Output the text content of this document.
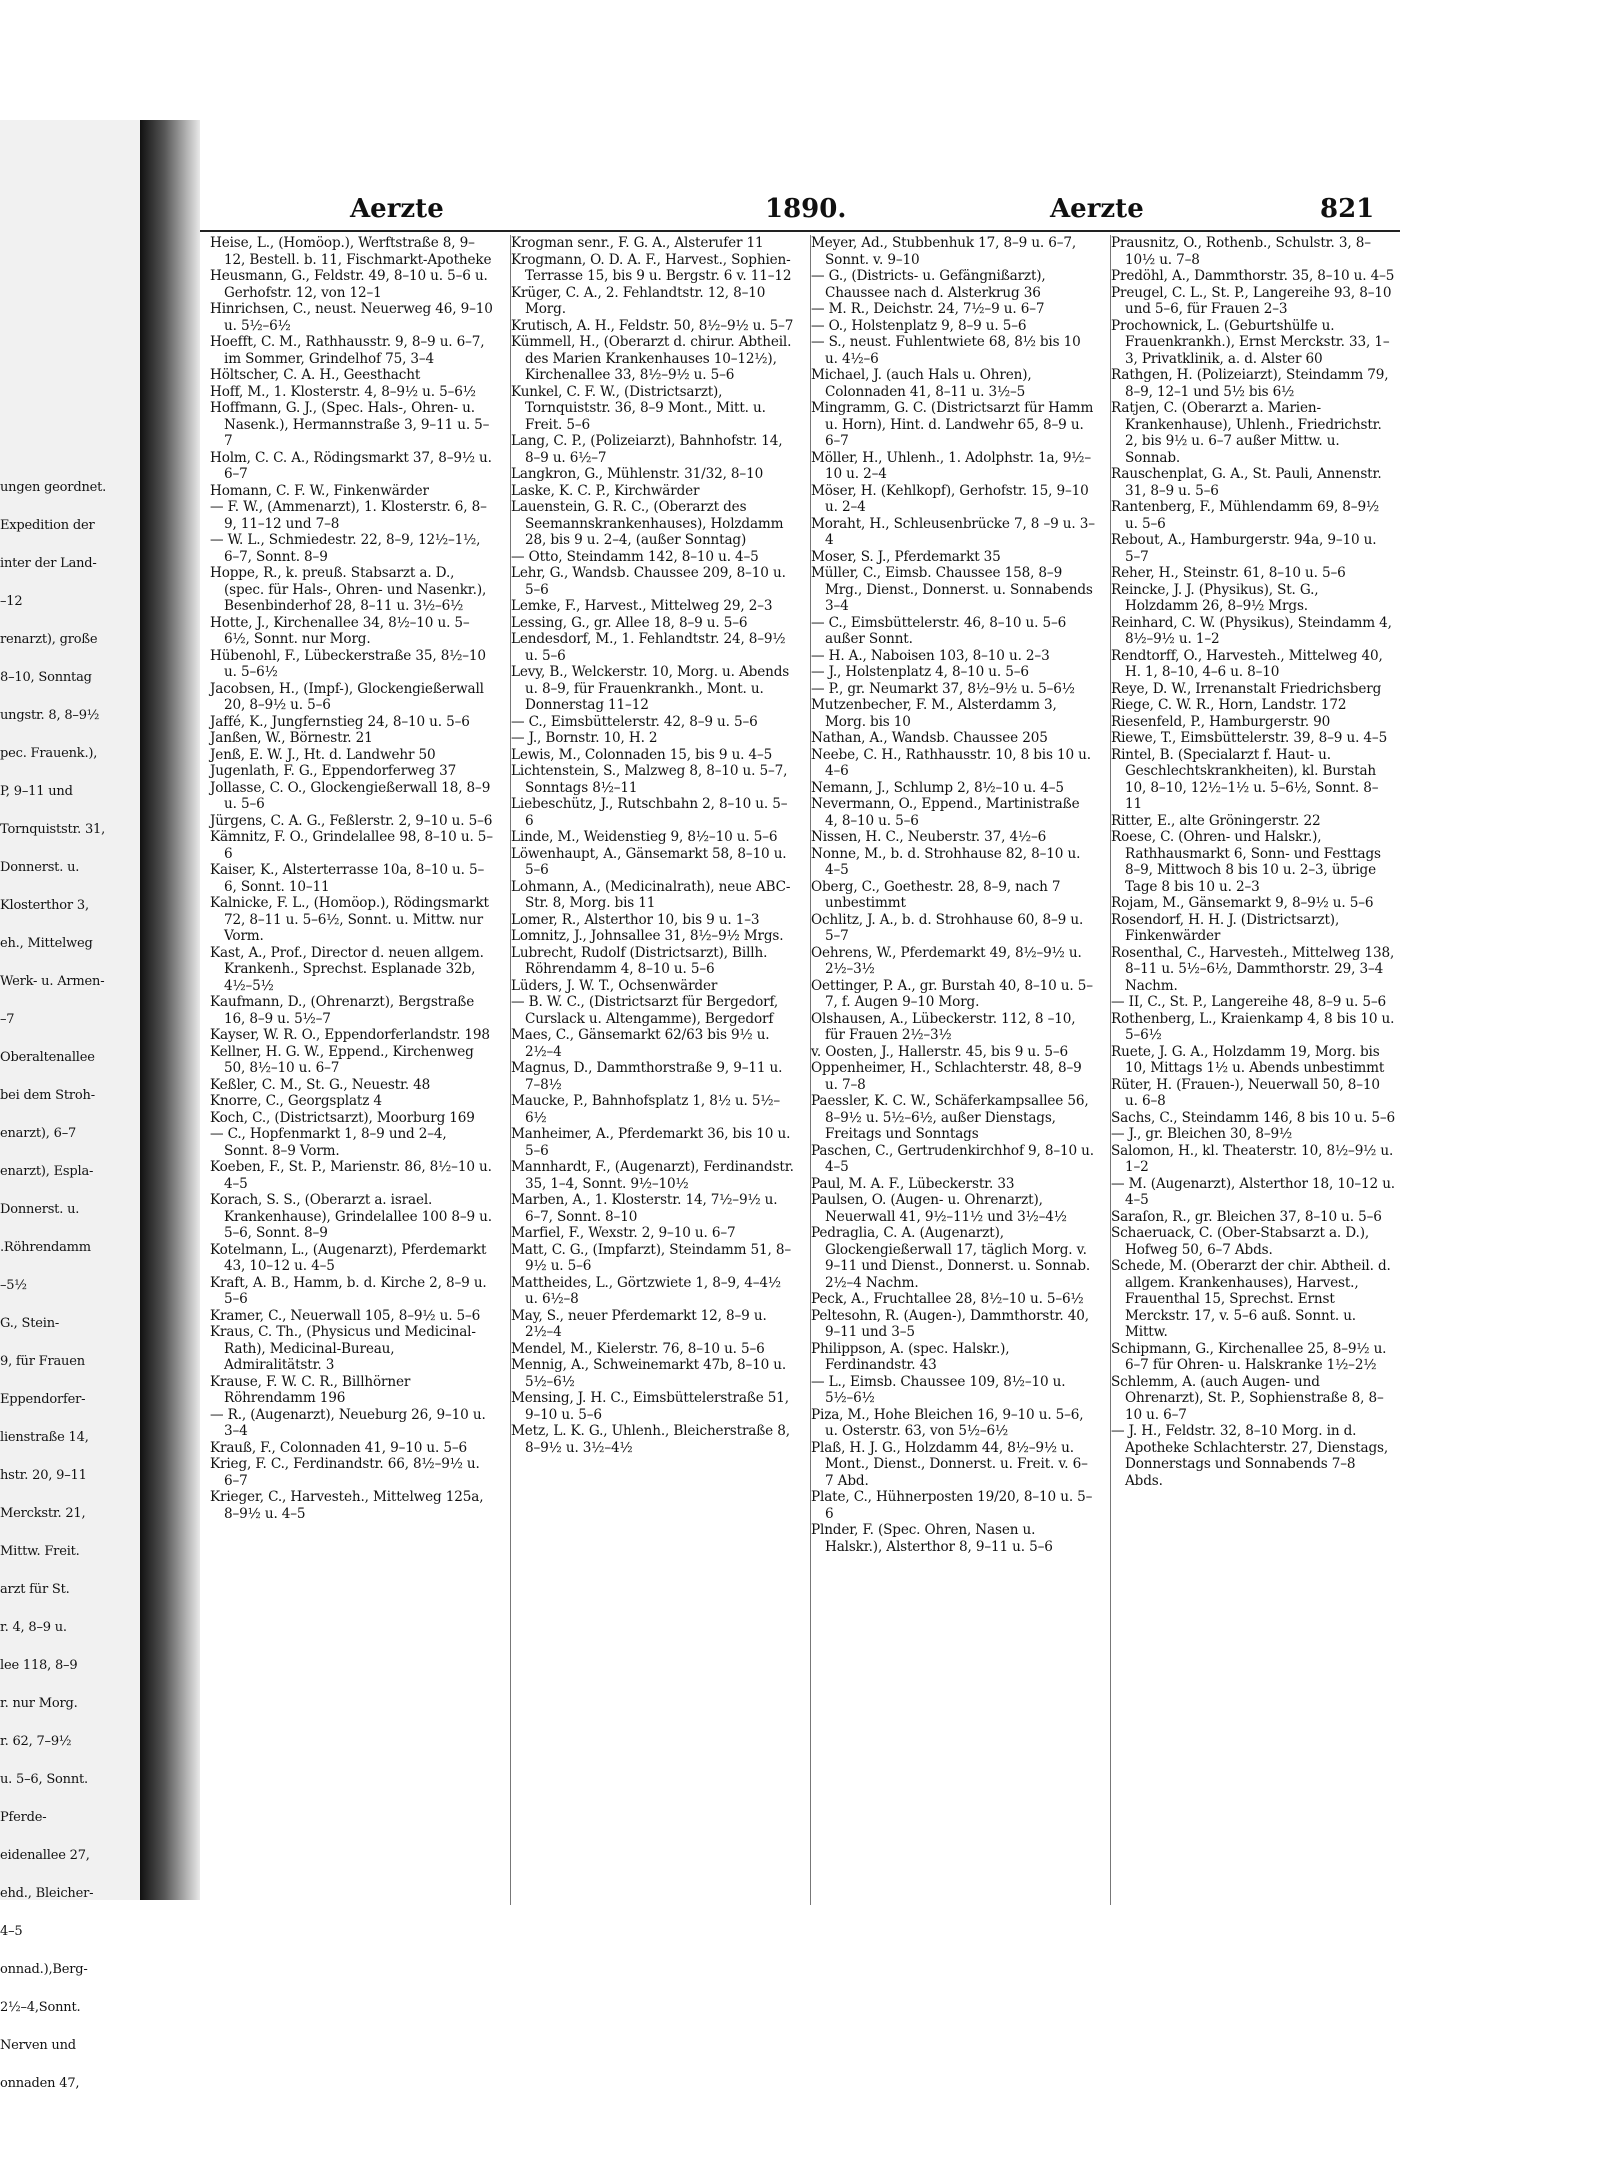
ungen geordnet.
Expedition der
inter der Land-
–12
renarzt), große
8–10, Sonntag
ungstr. 8, 8–9½
pec. Frauenk.),
P, 9–11 und
Tornquiststr. 31,
Donnerst. u.
Klosterthor 3,
eh., Mittelweg
Werk- u. Armen-
–7
Oberaltenallee
bei dem Stroh-
enarzt), 6–7
enarzt), Espla-
Donnerst. u.
.Röhrendamm
–5½
G., Stein-
9, für Frauen
Eppendorfer-
lienstraße 14,
hstr. 20, 9–11
Merckstr. 21,
Mittw. Freit.
arzt für St.
r. 4, 8–9 u.
lee 118, 8–9
r. nur Morg.
r. 62, 7–9½
u. 5–6, Sonnt.
Pferde-
eidenallee 27,
ehd., Bleicher-
4–5
onnad.),Berg-
2½–4,Sonnt.
Nerven und
onnaden 47,
Aerzte	1890.	Aerzte	821

Heise, L., (Homöop.), Werftstraße 8, 9–12, Bestell. b. 11, Fischmarkt-Apotheke

Heusmann, G., Feldstr. 49, 8–10 u. 5–6 u. Gerhofstr. 12, von 12–1

Hinrichsen, C., neust. Neuerweg 46, 9–10 u. 5½–6½

Hoefft, C. M., Rathhausstr. 9, 8–9 u. 6–7, im Sommer, Grindelhof 75, 3–4

Höltscher, C. A. H., Geesthacht

Hoff, M., 1. Klosterstr. 4, 8–9½ u. 5–6½

Hoffmann, G. J., (Spec. Hals-, Ohren- u. Nasenk.), Hermannstraße 3, 9–11 u. 5–7

Holm, C. C. A., Rödingsmarkt 37, 8–9½ u. 6–7

Homann, C. F. W., Finkenwärder

— F. W., (Ammenarzt), 1. Klosterstr. 6, 8–9, 11–12 und 7–8

— W. L., Schmiedestr. 22, 8–9, 12½–1½, 6–7, Sonnt. 8–9

Hoppe, R., k. preuß. Stabsarzt a. D., (spec. für Hals-, Ohren- und Nasenkr.), Besenbinderhof 28, 8–11 u. 3½–6½

Hotte, J., Kirchenallee 34, 8½–10 u. 5–6½, Sonnt. nur Morg.

Hübenohl, F., Lübeckerstraße 35, 8½–10 u. 5–6½

Jacobsen, H., (Impf-), Glockengießerwall 20, 8–9½ u. 5–6

Jaffé, K., Jungfernstieg 24, 8–10 u. 5–6

Janßen, W., Börnestr. 21

Jenß, E. W. J., Ht. d. Landwehr 50

Jugenlath, F. G., Eppendorferweg 37

Jollasse, C. O., Glockengießerwall 18, 8–9 u. 5–6

Jürgens, C. A. G., Feßlerstr. 2, 9–10 u. 5–6

Kämnitz, F. O., Grindelallee 98, 8–10 u. 5–6

Kaiser, K., Alsterterrasse 10a, 8–10 u. 5–6, Sonnt. 10–11

Kalnicke, F. L., (Homöop.), Rödingsmarkt 72, 8–11 u. 5–6½, Sonnt. u. Mittw. nur Vorm.

Kast, A., Prof., Director d. neuen allgem. Krankenh., Sprechst. Esplanade 32b, 4½–5½

Kaufmann, D., (Ohrenarzt), Bergstraße 16, 8–9 u. 5½–7

Kayser, W. R. O., Eppendorferlandstr. 198

Kellner, H. G. W., Eppend., Kirchenweg 50, 8½–10 u. 6–7

Keßler, C. M., St. G., Neuestr. 48

Knorre, C., Georgsplatz 4

Koch, C., (Districtsarzt), Moorburg 169

— C., Hopfenmarkt 1, 8–9 und 2–4, Sonnt. 8–9 Vorm.

Koeben, F., St. P., Marienstr. 86, 8½–10 u. 4–5

Korach, S. S., (Oberarzt a. israel. Krankenhause), Grindelallee 100 8–9 u. 5–6, Sonnt. 8–9

Kotelmann, L., (Augenarzt), Pferdemarkt 43, 10–12 u. 4–5

Kraft, A. B., Hamm, b. d. Kirche 2, 8–9 u. 5–6

Kramer, C., Neuerwall 105, 8–9½ u. 5–6

Kraus, C. Th., (Physicus und Medicinal-Rath), Medicinal-Bureau, Admiralitätstr. 3

Krause, F. W. C. R., Billhörner Röhrendamm 196

— R., (Augenarzt), Neueburg 26, 9–10 u. 3–4

Krauß, F., Colonnaden 41, 9–10 u. 5–6

Krieg, F. C., Ferdinandstr. 66, 8½–9½ u. 6–7

Krieger, C., Harvestеh., Mittelweg 125a, 8–9½ u. 4–5

Krogman senr., F. G. A., Alsterufer 11

Krogmann, O. D. A. F., Harvest., Sophien-Terrasse 15, bis 9 u. Bergstr. 6 v. 11–12

Krüger, C. A., 2. Fehlandtstr. 12, 8–10 Morg.

Krutisch, A. H., Feldstr. 50, 8½–9½ u. 5–7

Kümmell, H., (Oberarzt d. chirur. Abtheil. des Marien Krankenhauses 10–12½), Kirchenallee 33, 8½–9½ u. 5–6

Kunkel, C. F. W., (Districtsarzt), Tornquiststr. 36, 8–9 Mont., Mitt. u. Freit. 5–6

Lang, C. P., (Polizeiarzt), Bahnhofstr. 14, 8–9 u. 6½–7

Langkron, G., Mühlenstr. 31/32, 8–10

Laske, K. C. P., Kirchwärder

Lauenstein, G. R. C., (Oberarzt des Seemannskrankenhauses), Holzdamm 28, bis 9 u. 2–4, (außer Sonntag)

— Otto, Steindamm 142, 8–10 u. 4–5

Lehr, G., Wandsb. Chaussee 209, 8–10 u. 5–6

Lemke, F., Harvest., Mittelweg 29, 2–3

Lessing, G., gr. Allee 18, 8–9 u. 5–6

Lendesdorf, M., 1. Fehlandtstr. 24, 8–9½ u. 5–6

Levy, B., Welckerstr. 10, Morg. u. Abends u. 8–9, für Frauenkrankh., Mont. u. Donnerstag 11–12

— C., Eimsbüttelerstr. 42, 8–9 u. 5–6

— J., Bornstr. 10, H. 2

Lewis, M., Colonnaden 15, bis 9 u. 4–5

Lichtenstein, S., Malzweg 8, 8–10 u. 5–7, Sonntags 8½–11

Liebeschütz, J., Rutschbahn 2, 8–10 u. 5–6

Linde, M., Weidenstieg 9, 8½–10 u. 5–6

Löwenhaupt, A., Gänsemarkt 58, 8–10 u. 5–6

Lohmann, A., (Medicinalrath), neue ABC-Str. 8, Morg. bis 11

Lomer, R., Alsterthor 10, bis 9 u. 1–3

Lomnitz, J., Johnsallee 31, 8½–9½ Mrgs.

Lubrecht, Rudolf (Districtsarzt), Billh. Röhrendamm 4, 8–10 u. 5–6

Lüders, J. W. T., Ochsenwärder

— B. W. C., (Districtsarzt für Bergedorf, Curslack u. Altengamme), Bergedorf

Maes, C., Gänsemarkt 62/63 bis 9½ u. 2½–4

Magnus, D., Dammthorstraße 9, 9–11 u. 7–8½

Maucke, P., Bahnhofsplatz 1, 8½ u. 5½–6½

Manheimer, A., Pferdemarkt 36, bis 10 u. 5–6

Mannhardt, F., (Augenarzt), Ferdinandstr. 35, 1–4, Sonnt. 9½–10½

Marben, A., 1. Klosterstr. 14, 7½–9½ u. 6–7, Sonnt. 8–10

Marfiel, F., Wexstr. 2, 9–10 u. 6–7

Matt, C. G., (Impfarzt), Steindamm 51, 8–9½ u. 5–6

Mattheides, L., Görtzwiete 1, 8–9, 4–4½ u. 6½–8

May, S., neuer Pferdemarkt 12, 8–9 u. 2½–4

Mendel, M., Kielerstr. 76, 8–10 u. 5–6

Mennig, A., Schweinemarkt 47b, 8–10 u. 5½–6½

Mensing, J. H. C., Eimsbüttelerstraße 51, 9–10 u. 5–6

Metz, L. K. G., Uhlenh., Bleicherstraße 8, 8–9½ u. 3½–4½

Meyer, Ad., Stubbenhuk 17, 8–9 u. 6–7, Sonnt. v. 9–10

— G., (Districts- u. Gefängnißarzt), Chaussee nach d. Alsterkrug 36

— M. R., Deichstr. 24, 7½–9 u. 6–7

— O., Holstenplatz 9, 8–9 u. 5–6

— S., neust. Fuhlentwiete 68, 8½ bis 10 u. 4½–6

Michael, J. (auch Hals u. Ohren), Colonnaden 41, 8–11 u. 3½–5

Mingramm, G. C. (Districtsarzt für Hamm u. Horn), Hint. d. Landwehr 65, 8–9 u. 6–7

Möller, H., Uhlenh., 1. Adolphstr. 1a, 9½–10 u. 2–4

Möser, H. (Kehlkopf), Gerhofstr. 15, 9–10 u. 2–4

Moraht, H., Schleusenbrücke 7, 8 –9 u. 3–4

Moser, S. J., Pferdemarkt 35

Müller, C., Eimsb. Chaussee 158, 8–9 Mrg., Dienst., Donnerst. u. Sonnabends 3–4

— C., Eimsbüttelerstr. 46, 8–10 u. 5–6 außer Sonnt.

— H. A., Naboisen 103, 8–10 u. 2–3

— J., Holstenplatz 4, 8–10 u. 5–6

— P., gr. Neumarkt 37, 8½–9½ u. 5–6½

Mutzenbecher, F. M., Alsterdamm 3, Morg. bis 10

Nathan, A., Wandsb. Chaussee 205

Neebe, C. H., Rathhausstr. 10, 8 bis 10 u. 4–6

Nemann, J., Schlump 2, 8½–10 u. 4–5

Nevermann, O., Eppend., Martinistraße 4, 8–10 u. 5–6

Nissen, H. C., Neuberstr. 37, 4½–6

Nonne, M., b. d. Strohhause 82, 8–10 u. 4–5

Oberg, C., Goethestr. 28, 8–9, nach 7 unbestimmt

Ochlitz, J. A., b. d. Strohhause 60, 8–9 u. 5–7

Oehrens, W., Pferdemarkt 49, 8½–9½ u. 2½–3½

Oettinger, P. A., gr. Burstah 40, 8–10 u. 5–7, f. Augen 9–10 Morg.

Olshausen, A., Lübeckerstr. 112, 8 –10, für Frauen 2½–3½

v. Oosten, J., Hallerstr. 45, bis 9 u. 5–6

Oppenheimer, H., Schlachterstr. 48, 8–9 u. 7–8

Paessler, K. C. W., Schäferkampsallee 56, 8–9½ u. 5½–6½, außer Dienstags, Freitags und Sonntags

Paschen, C., Gertrudenkirchhof 9, 8–10 u. 4–5

Paul, M. A. F., Lübeckerstr. 33

Paulsen, O. (Augen- u. Ohrenarzt), Neuerwall 41, 9½–11½ und 3½–4½

Pedraglia, C. A. (Augenarzt), Glockengießerwall 17, täglich Morg. v. 9–11 und Dienst., Donnerst. u. Sonnab. 2½–4 Nachm.

Peck, A., Fruchtallee 28, 8½–10 u. 5–6½

Peltesohn, R. (Augen-), Dammthorstr. 40, 9–11 und 3–5

Philippson, A. (spec. Halskr.), Ferdinandstr. 43

— L., Eimsb. Chaussee 109, 8½–10 u. 5½–6½

Piza, M., Hohe Bleichen 16, 9–10 u. 5–6, u. Osterstr. 63, von 5½–6½

Plaß, H. J. G., Holzdamm 44, 8½–9½ u. Mont., Dienst., Donnerst. u. Freit. v. 6–7 Abd.

Plate, C., Hühnerposten 19/20, 8–10 u. 5–6

Plnder, F. (Spec. Ohren, Nasen u. Halskr.), Alsterthor 8, 9–11 u. 5–6

Prausnitz, O., Rothenb., Schulstr. 3, 8–10½ u. 7–8

Predöhl, A., Dammthorstr. 35, 8–10 u. 4–5

Preugel, C. L., St. P., Langereihe 93, 8–10 und 5–6, für Frauen 2–3

Prochownick, L. (Geburtshülfe u. Frauenkrankh.), Ernst Merckstr. 33, 1–3, Privatklinik, a. d. Alster 60

Rathgen, H. (Polizeiarzt), Steindamm 79, 8–9, 12–1 und 5½ bis 6½

Ratjen, C. (Oberarzt a. Marien-Krankenhause), Uhlenh., Friedrichstr. 2, bis 9½ u. 6–7 außer Mittw. u. Sonnab.

Rauschenplat, G. A., St. Pauli, Annenstr. 31, 8–9 u. 5–6

Rantenberg, F., Mühlendamm 69, 8–9½ u. 5–6

Rebout, A., Hamburgerstr. 94a, 9–10 u. 5–7

Reher, H., Steinstr. 61, 8–10 u. 5–6

Reincke, J. J. (Physikus), St. G., Holzdamm 26, 8–9½ Mrgs.

Reinhard, C. W. (Physikus), Steindamm 4, 8½–9½ u. 1–2

Rendtorff, O., Harvestеh., Mittelweg 40, H. 1, 8–10, 4–6 u. 8–10

Reye, D. W., Irrenanstalt Friedrichsberg

Riege, C. W. R., Horn, Landstr. 172

Riesenfeld, P., Hamburgerstr. 90

Riewe, T., Eimsbüttelerstr. 39, 8–9 u. 4–5

Rintel, B. (Specialarzt f. Haut- u. Geschlechtskrankheiten), kl. Burstah 10, 8–10, 12½–1½ u. 5–6½, Sonnt. 8–11

Ritter, E., alte Gröningerstr. 22

Roese, C. (Ohren- und Halskr.), Rathhausmarkt 6, Sonn- und Festtags 8–9, Mittwoch 8 bis 10 u. 2–3, übrige Tage 8 bis 10 u. 2–3

Rojam, M., Gänsemarkt 9, 8–9½ u. 5–6

Rosendorf, H. H. J. (Districtsarzt), Finkenwärder

Rosenthal, C., Harvesteh., Mittelweg 138, 8–11 u. 5½–6½, Dammthorstr. 29, 3–4 Nachm.

— II, C., St. P., Langereihe 48, 8–9 u. 5–6

Rothenberg, L., Kraienkamp 4, 8 bis 10 u. 5–6½

Ruete, J. G. A., Holzdamm 19, Morg. bis 10, Mittags 1½ u. Abends unbestimmt

Rüter, H. (Frauen-), Neuerwall 50, 8–10 u. 6–8

Sachs, C., Steindamm 146, 8 bis 10 u. 5–6

— J., gr. Bleichen 30, 8–9½

Salomon, H., kl. Theaterstr. 10, 8½–9½ u. 1–2

— M. (Augenarzt), Alsterthor 18, 10–12 u. 4–5

Saraſon, R., gr. Bleichen 37, 8–10 u. 5–6

Schaeruack, C. (Ober-Stabsarzt a. D.), Hofweg 50, 6–7 Abds.

Schede, M. (Oberarzt der chir. Abtheil. d. allgem. Krankenhauses), Harvest., Frauenthal 15, Sprechst. Ernst Merckstr. 17, v. 5–6 auß. Sonnt. u. Mittw.

Schipmann, G., Kirchenallee 25, 8–9½ u. 6–7 für Ohren- u. Halskranke 1½–2½

Schlemm, A. (auch Augen- und Ohrenarzt), St. P., Sophienstraße 8, 8–10 u. 6–7

— J. H., Feldstr. 32, 8–10 Morg. in d. Apotheke Schlachterstr. 27, Dienstags, Donnerstags und Sonnabends 7–8 Abds.
